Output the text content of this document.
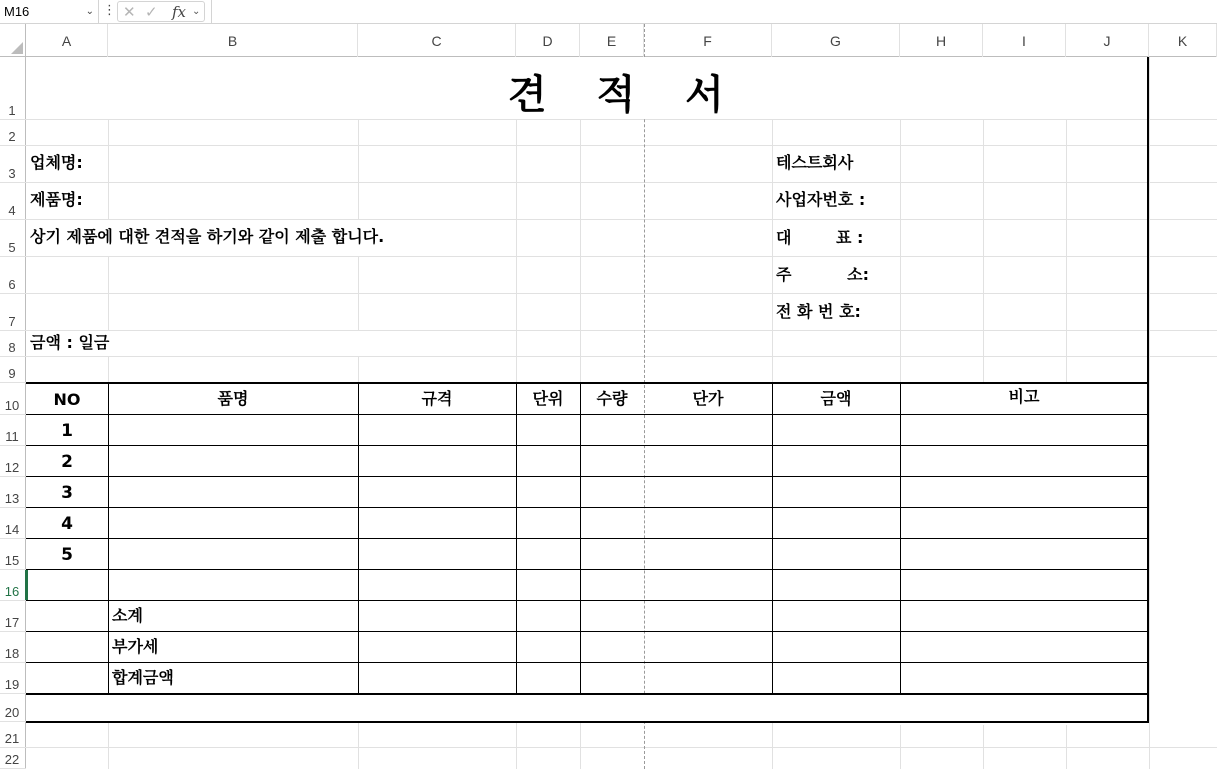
M16	⌄ ⋮ ✕ ✓ fx ⌄
A	B	C	D	E	F	G	H	I	J	K
1
2
3
4
5
6
7
8
9
10
11
12
13
14
15
16
17
18
19
20
21
22
견 적 서
업체명:
제품명:
상기 제품에 대한 견적을 하기와 같이 제출 합니다.
금액 : 일금
테스트회사
사업자번호 :
대        표 :
주          소:
전 화 번 호:
NO	품명	규격	단위	수량	단가	금액	비고
1
2
3
4
5
소계
부가세
합계금액
